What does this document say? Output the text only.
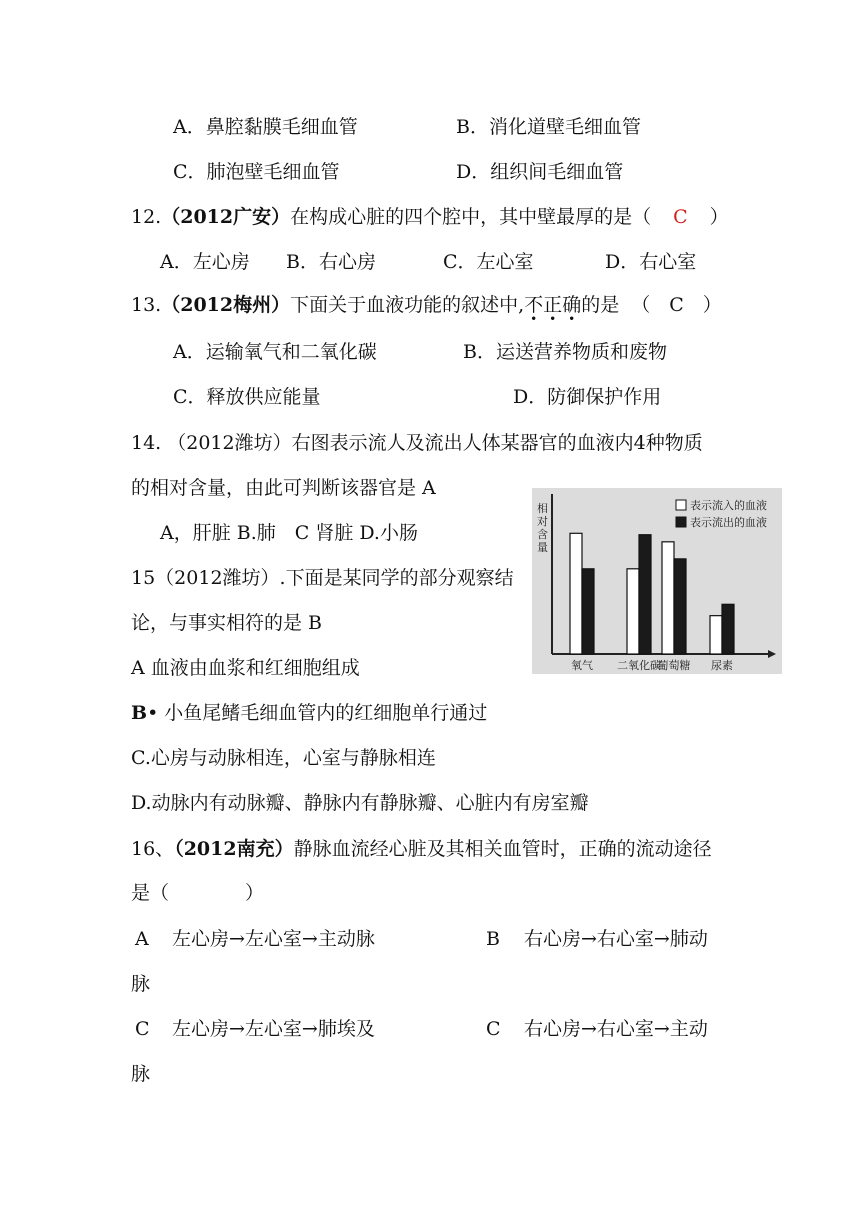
A．鼻腔黏膜毛细血管	B．消化道壁毛细血管
C．肺泡壁毛细血管	D．组织间毛细血管
12.（2012广安）在构成心脏的四个腔中，其中壁最厚的是（ C ）
A．左心房 B．右心房	C．左心室	D．右心室
13.（2012梅州）下面关于血液功能的叙述中,不正确的是 （　C　）
A．运输氧气和二氧化碳	B．运送营养物质和废物
C．释放供应能量	D．防御保护作用
14. （2012潍坊）右图表示流人及流出人体某器官的血液内4种物质
的相对含量，由此可判断该器官是 A
A，肝脏 B.肺　C 肾脏 D.小肠
15（2012潍坊）.下面是某同学的部分观察结
论，与事实相符的是 B
A 血液由血浆和红细胞组成
B• 小鱼尾鳍毛细血管内的红细胞单行通过
C.心房与动脉相连，心室与静脉相连
D.动脉内有动脉瓣、静脉内有静脉瓣、心脏内有房室瓣
16、（2012南充）静脉血流经心脏及其相关血管时，正确的流动途径
是（　　　　）
A 左心房→左心室→主动脉	B 右心房→右心室→肺动
脉
C 左心房→左心室→肺埃及	C 右心房→右心室→主动
脉
相对含量
氧气 二氧化碳
葡萄糖 尿素
表示流入的血液
表示流出的血液
